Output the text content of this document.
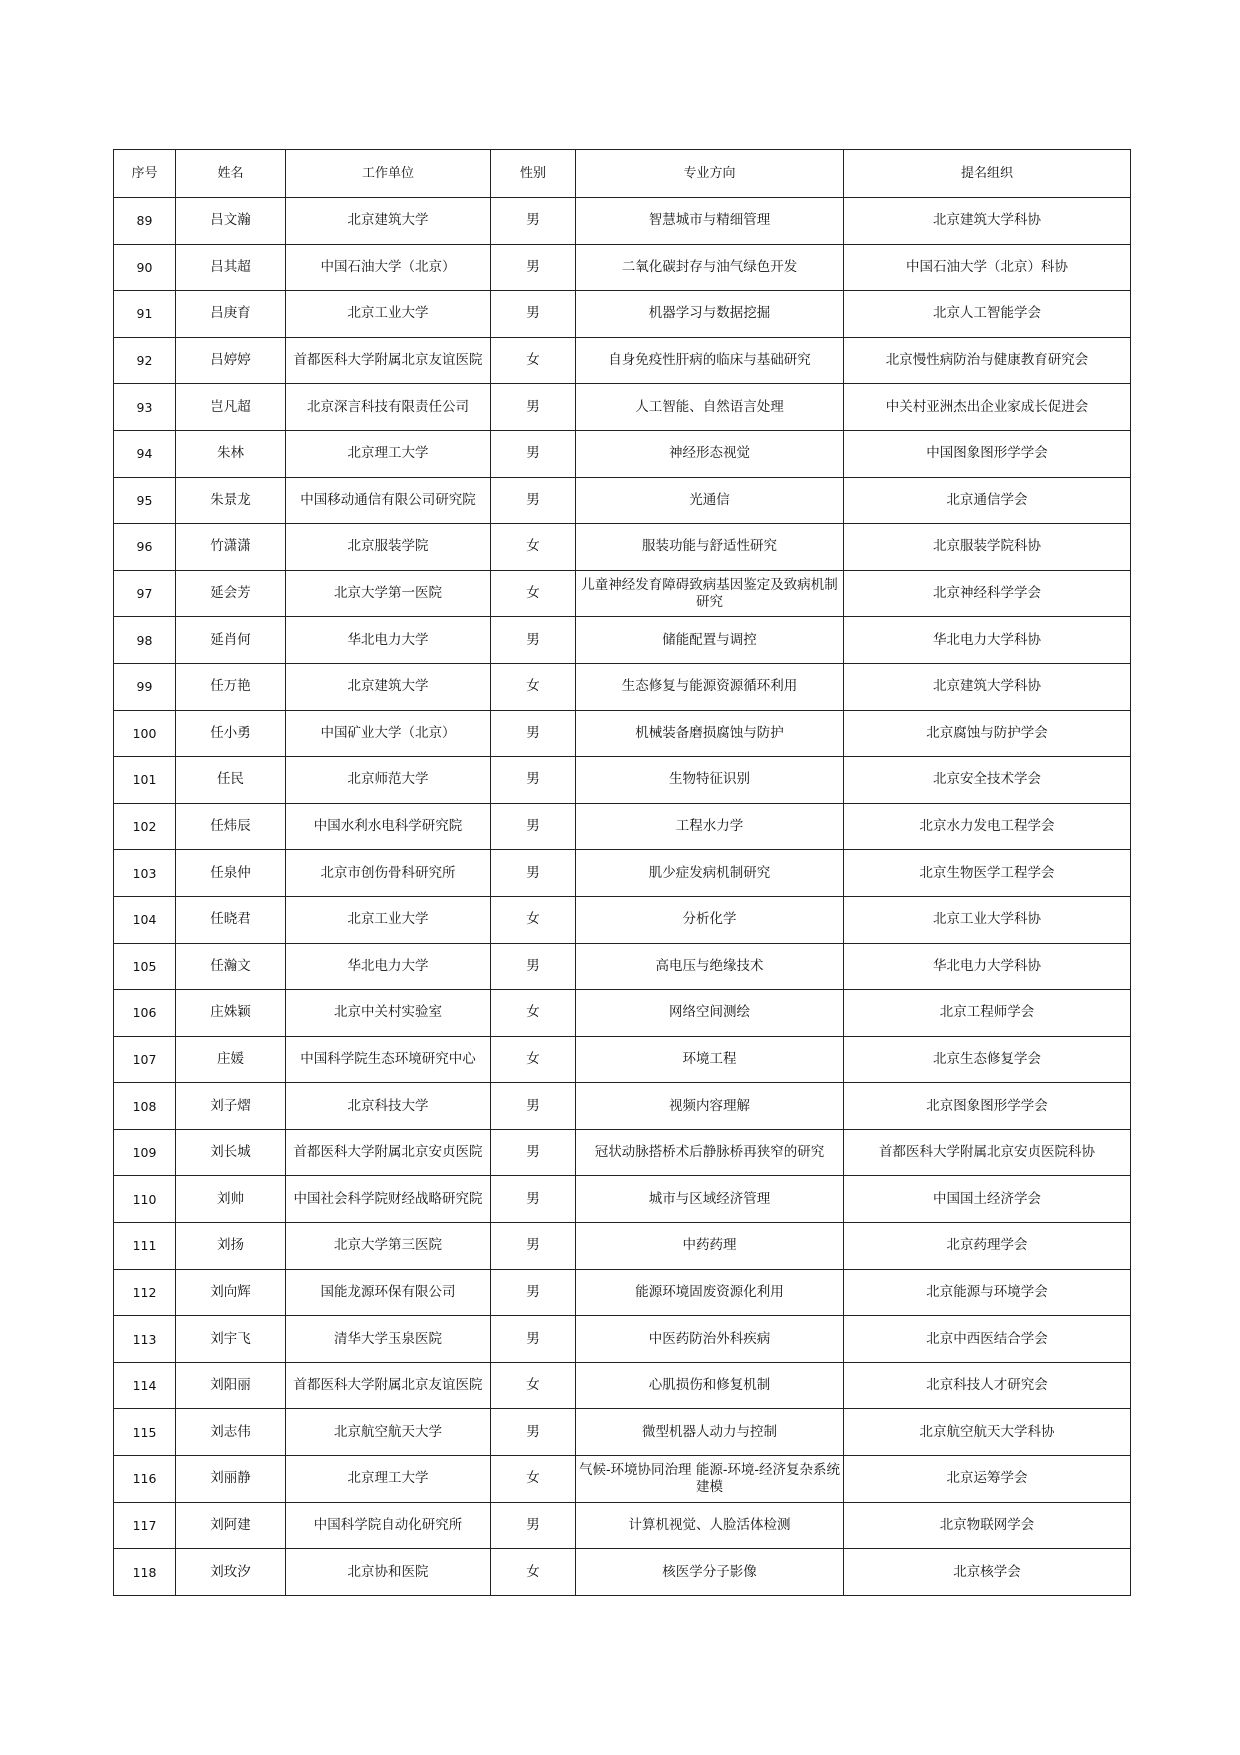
序号	姓名	工作单位	性别	专业方向	提名组织
89	吕文瀚	北京建筑大学	男	智慧城市与精细管理	北京建筑大学科协
90	吕其超	中国石油大学（北京）	男	二氧化碳封存与油气绿色开发	中国石油大学（北京）科协
91	吕庚育	北京工业大学	男	机器学习与数据挖掘	北京人工智能学会
92	吕婷婷	首都医科大学附属北京友谊医院	女	自身免疫性肝病的临床与基础研究	北京慢性病防治与健康教育研究会
93	岂凡超	北京深言科技有限责任公司	男	人工智能、自然语言处理	中关村亚洲杰出企业家成长促进会
94	朱林	北京理工大学	男	神经形态视觉	中国图象图形学学会
95	朱景龙	中国移动通信有限公司研究院	男	光通信	北京通信学会
96	竹潇潇	北京服装学院	女	服装功能与舒适性研究	北京服装学院科协
97	延会芳	北京大学第一医院	女	儿童神经发育障碍致病基因鉴定及致病机制研究	北京神经科学学会
98	延肖何	华北电力大学	男	储能配置与调控	华北电力大学科协
99	任万艳	北京建筑大学	女	生态修复与能源资源循环利用	北京建筑大学科协
100	任小勇	中国矿业大学（北京）	男	机械装备磨损腐蚀与防护	北京腐蚀与防护学会
101	任民	北京师范大学	男	生物特征识别	北京安全技术学会
102	任炜辰	中国水利水电科学研究院	男	工程水力学	北京水力发电工程学会
103	任泉仲	北京市创伤骨科研究所	男	肌少症发病机制研究	北京生物医学工程学会
104	任晓君	北京工业大学	女	分析化学	北京工业大学科协
105	任瀚文	华北电力大学	男	高电压与绝缘技术	华北电力大学科协
106	庄姝颖	北京中关村实验室	女	网络空间测绘	北京工程师学会
107	庄媛	中国科学院生态环境研究中心	女	环境工程	北京生态修复学会
108	刘子熠	北京科技大学	男	视频内容理解	北京图象图形学学会
109	刘长城	首都医科大学附属北京安贞医院	男	冠状动脉搭桥术后静脉桥再狭窄的研究	首都医科大学附属北京安贞医院科协
110	刘帅	中国社会科学院财经战略研究院	男	城市与区域经济管理	中国国土经济学会
111	刘扬	北京大学第三医院	男	中药药理	北京药理学会
112	刘向辉	国能龙源环保有限公司	男	能源环境固废资源化利用	北京能源与环境学会
113	刘宇飞	清华大学玉泉医院	男	中医药防治外科疾病	北京中西医结合学会
114	刘阳丽	首都医科大学附属北京友谊医院	女	心肌损伤和修复机制	北京科技人才研究会
115	刘志伟	北京航空航天大学	男	微型机器人动力与控制	北京航空航天大学科协
116	刘丽静	北京理工大学	女	气候-环境协同治理 能源-环境-经济复杂系统建模	北京运筹学会
117	刘阿建	中国科学院自动化研究所	男	计算机视觉、人脸活体检测	北京物联网学会
118	刘玫汐	北京协和医院	女	核医学分子影像	北京核学会
